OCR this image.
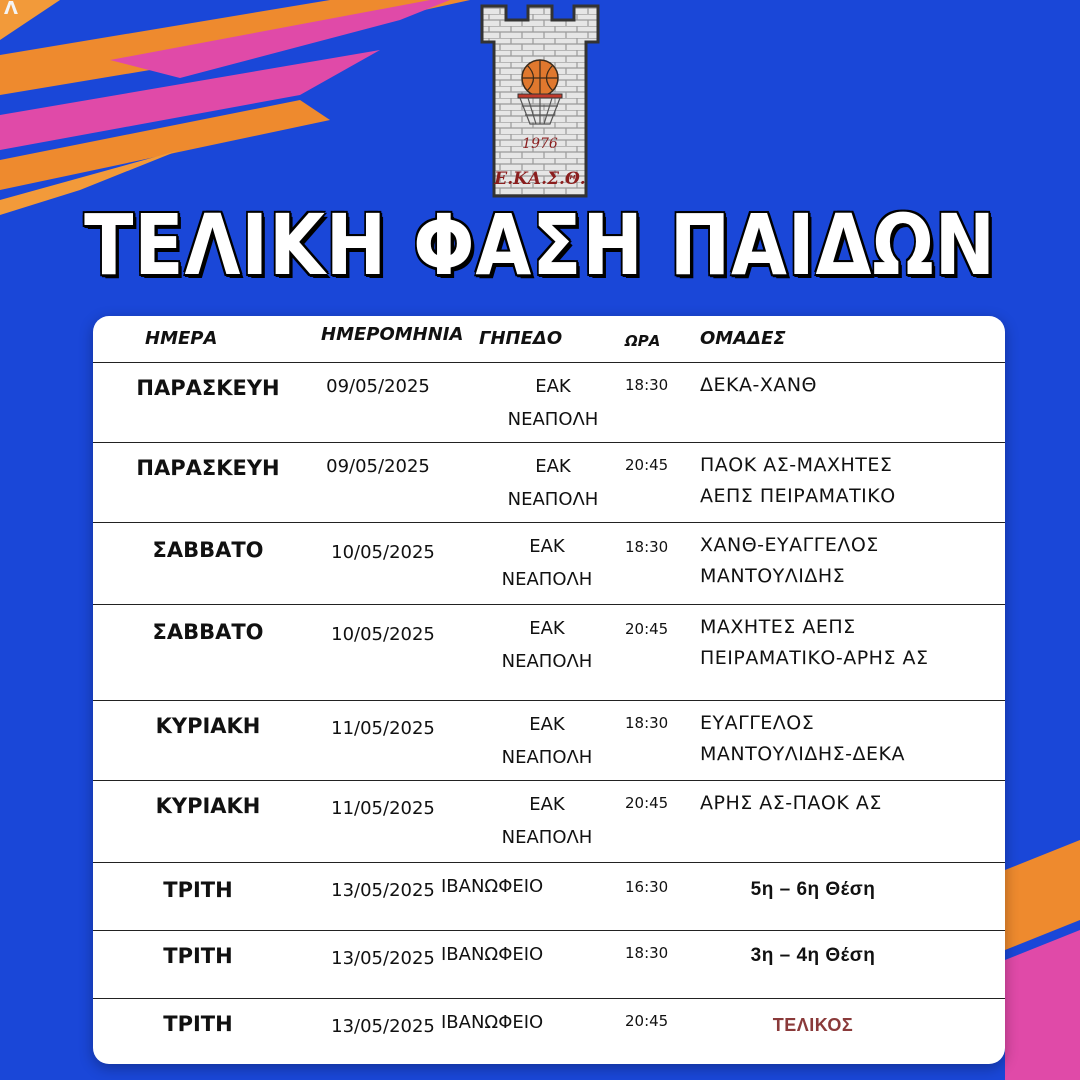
Λ
1976
Ε.ΚΑ.Σ.Θ.
ΤΕΛΙΚΗ ΦΑΣΗ ΠΑΙΔΩΝ
ΗΜΕΡΑ	ΗΜΕΡΟΜΗΝΙΑ ΓΗΠΕΔΟ	ΩΡΑ ΟΜΑΔΕΣ
ΠΑΡΑΣΚΕΥΗ	09/05/2025	ΕΑΚ
ΝΕΑΠΟΛΗ
18:30 ΔΕΚΑ-ΧΑΝΘ
ΠΑΡΑΣΚΕΥΗ	09/05/2025	ΕΑΚ
ΝΕΑΠΟΛΗ
20:45 ΠΑΟΚ ΑΣ-ΜΑΧΗΤΕΣ
ΑΕΠΣ ΠΕΙΡΑΜΑΤΙΚΟ
ΣΑΒΒΑΤΟ	10/05/2025	ΕΑΚ
ΝΕΑΠΟΛΗ
18:30 ΧΑΝΘ-ΕΥΑΓΓΕΛΟΣ
ΜΑΝΤΟΥΛΙΔΗΣ
ΣΑΒΒΑΤΟ	10/05/2025	ΕΑΚ
ΝΕΑΠΟΛΗ
20:45 ΜΑΧΗΤΕΣ ΑΕΠΣ
ΠΕΙΡΑΜΑΤΙΚΟ-ΑΡΗΣ ΑΣ
ΚΥΡΙΑΚΗ	11/05/2025	ΕΑΚ
ΝΕΑΠΟΛΗ
18:30 ΕΥΑΓΓΕΛΟΣ
ΜΑΝΤΟΥΛΙΔΗΣ-ΔΕΚΑ
ΚΥΡΙΑΚΗ	11/05/2025	ΕΑΚ
ΝΕΑΠΟΛΗ
20:45 ΑΡΗΣ ΑΣ-ΠΑΟΚ ΑΣ
ΤΡΙΤΗ	13/05/2025 ΙΒΑΝΩΦΕΙΟ	16:30	5η – 6η Θέση
ΤΡΙΤΗ	13/05/2025 ΙΒΑΝΩΦΕΙΟ	18:30	3η – 4η Θέση
ΤΡΙΤΗ	13/05/2025 ΙΒΑΝΩΦΕΙΟ	20:45	ΤΕΛΙΚΟΣ
